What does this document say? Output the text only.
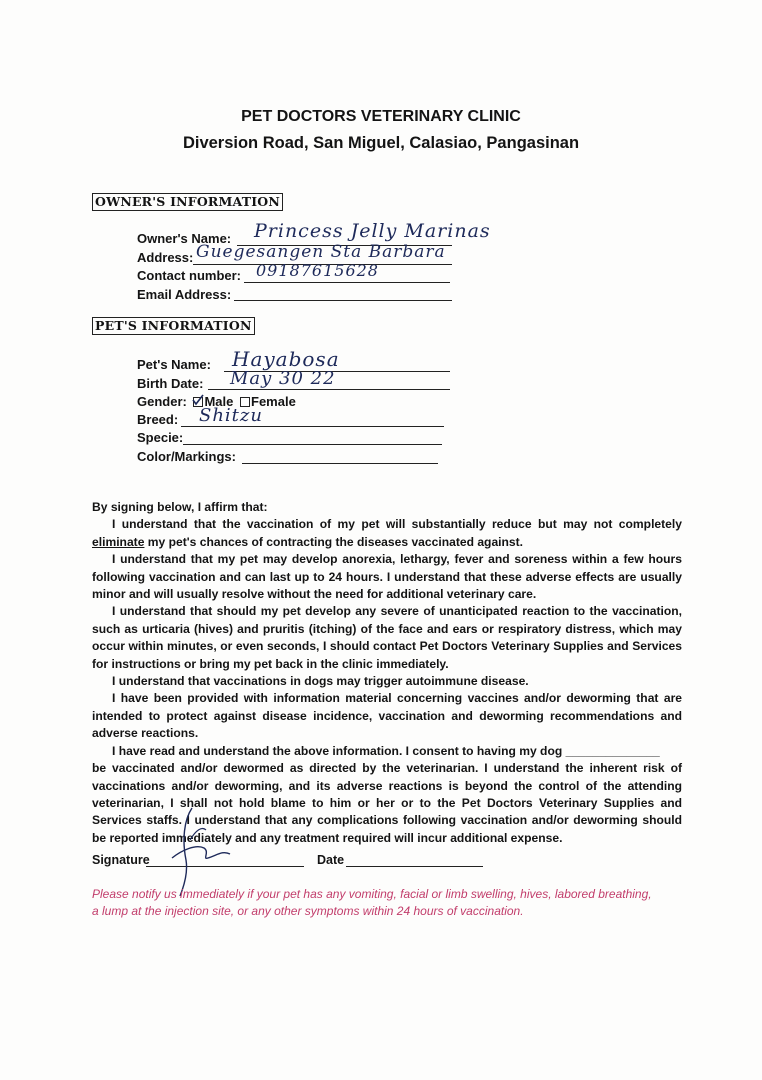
PET DOCTORS VETERINARY CLINIC
Diversion Road, San Miguel, Calasiao, Pangasinan
OWNER'S INFORMATION
Owner's Name: Princess Jelly Marinas
Address: Guegesangen Sta Barbara
Contact number: 09187615628
Email Address:
PET'S INFORMATION
Pet's Name: Hayabosa
Birth Date: May 30 22
Gender: Male Female
Breed: Shitzu
Specie:
Color/Markings:

By signing below, I affirm that:

I understand that the vaccination of my pet will substantially reduce but may not completely eliminate my pet's chances of contracting the diseases vaccinated against.

I understand that my pet may develop anorexia, lethargy, fever and soreness within a few hours following vaccination and can last up to 24 hours. I understand that these adverse effects are usually minor and will usually resolve without the need for additional veterinary care.

I understand that should my pet develop any severe of unanticipated reaction to the vaccination, such as urticaria (hives) and pruritis (itching) of the face and ears or respiratory distress, which may occur within minutes, or even seconds, I should contact Pet Doctors Veterinary Supplies and Services for instructions or bring my pet back in the clinic immediately.

I understand that vaccinations in dogs may trigger autoimmune disease.

I have been provided with information material concerning vaccines and/or deworming that are intended to protect against disease incidence, vaccination and deworming recommendations and adverse reactions.

I have read and understand the above information. I consent to having my dog ______________

be vaccinated and/or dewormed as directed by the veterinarian. I understand the inherent risk of vaccinations and/or deworming, and its adverse reactions is beyond the control of the attending veterinarian, I shall not hold blame to him or her or to the Pet Doctors Veterinary Supplies and Services staffs. I understand that any complications following vaccination and/or deworming should be reported immediately and any treatment required will incur additional expense.

Signature	Date
Please notify us immediately if your pet has any vomiting, facial or limb swelling, hives, labored breathing, a lump at the injection site, or any other symptoms within 24 hours of vaccination.
